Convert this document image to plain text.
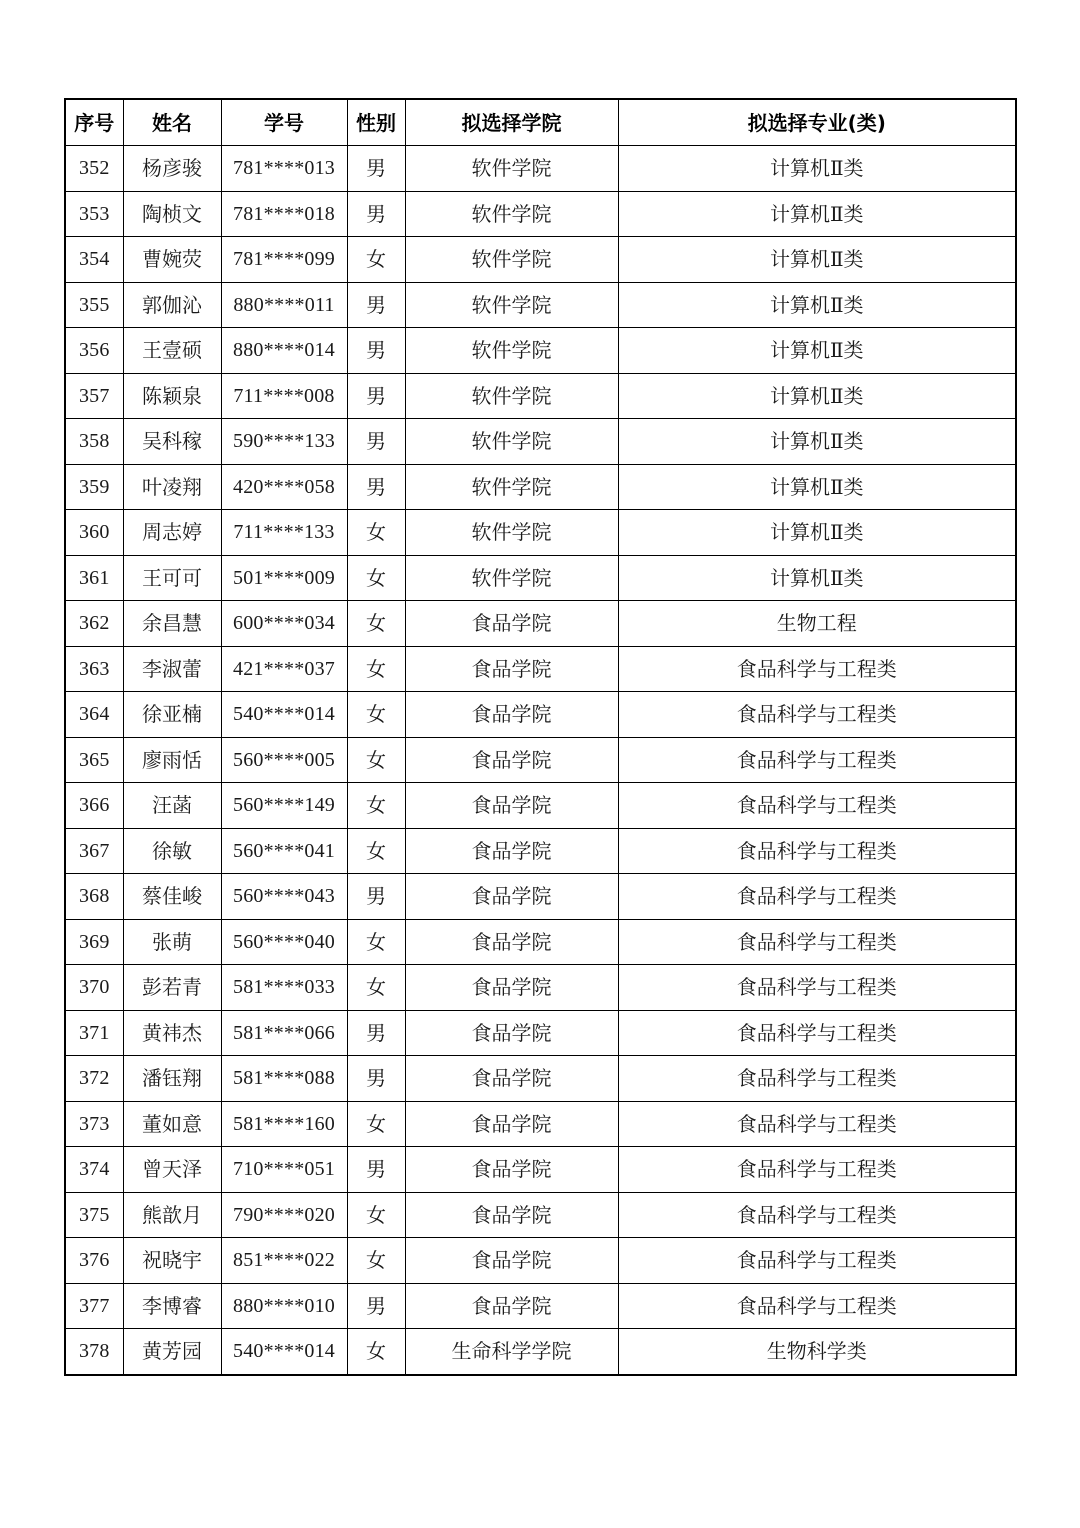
序号	姓名	学号	性别	拟选择学院	拟选择专业(类)
352	杨彦骏	781****013	男	软件学院	计算机Ⅱ类
353	陶桢文	781****018	男	软件学院	计算机Ⅱ类
354	曹婉荧	781****099	女	软件学院	计算机Ⅱ类
355	郭伽沁	880****011	男	软件学院	计算机Ⅱ类
356	王壹硕	880****014	男	软件学院	计算机Ⅱ类
357	陈颖泉	711****008	男	软件学院	计算机Ⅱ类
358	吴科稼	590****133	男	软件学院	计算机Ⅱ类
359	叶凌翔	420****058	男	软件学院	计算机Ⅱ类
360	周志婷	711****133	女	软件学院	计算机Ⅱ类
361	王可可	501****009	女	软件学院	计算机Ⅱ类
362	余昌慧	600****034	女	食品学院	生物工程
363	李淑蕾	421****037	女	食品学院	食品科学与工程类
364	徐亚楠	540****014	女	食品学院	食品科学与工程类
365	廖雨恬	560****005	女	食品学院	食品科学与工程类
366	汪菡	560****149	女	食品学院	食品科学与工程类
367	徐敏	560****041	女	食品学院	食品科学与工程类
368	蔡佳峻	560****043	男	食品学院	食品科学与工程类
369	张萌	560****040	女	食品学院	食品科学与工程类
370	彭若青	581****033	女	食品学院	食品科学与工程类
371	黄祎杰	581****066	男	食品学院	食品科学与工程类
372	潘钰翔	581****088	男	食品学院	食品科学与工程类
373	董如意	581****160	女	食品学院	食品科学与工程类
374	曾天泽	710****051	男	食品学院	食品科学与工程类
375	熊歆月	790****020	女	食品学院	食品科学与工程类
376	祝晓宇	851****022	女	食品学院	食品科学与工程类
377	李博睿	880****010	男	食品学院	食品科学与工程类
378	黄芳园	540****014	女	生命科学学院	生物科学类
